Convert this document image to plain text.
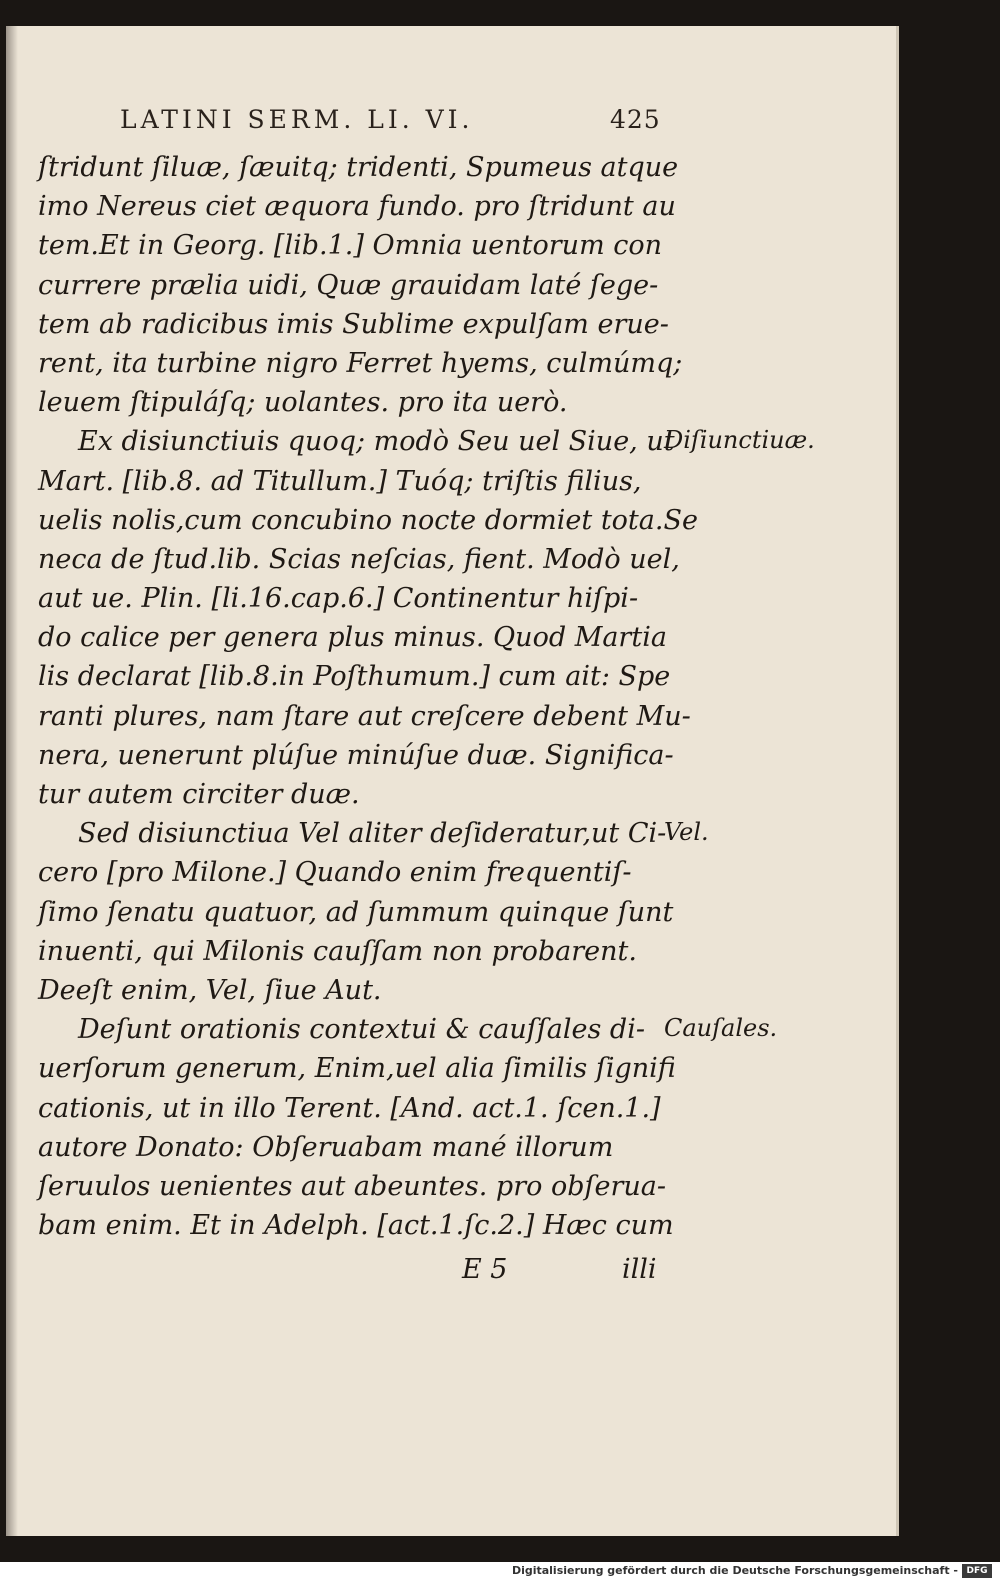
LATINI SERM. LI. VI.	425
ſtridunt ſiluæ, ſæuitq; tridenti, Spumeus atque
imo Nereus ciet æquora fundo. pro ſtridunt au
tem.Et in Georg. [lib.1.] Omnia uentorum con
currere prælia uidi, Quæ grauidam laté ſege-
tem ab radicibus imis Sublime expulſam erue-
rent, ita turbine nigro Ferret hyems, culmúmq;
leuem ſtipuláſq; uolantes. pro ita uerò.
Ex disiunctiuis quoq; modò Seu uel Siue, ut
Mart. [lib.8. ad Titullum.] Tuóq; triſtis filius,
uelis nolis,cum concubino nocte dormiet tota.Se
neca de ſtud.lib. Scias neſcias, fient. Modò uel,
aut ue. Plin. [li.16.cap.6.] Continentur hiſpi-
do calice per genera plus minus. Quod Martia
lis declarat [lib.8.in Poſthumum.] cum ait: Spe
ranti plures, nam ſtare aut creſcere debent Mu-
nera, uenerunt plúſue minúſue duæ. Significa-
tur autem circiter duæ.
Sed disiunctiua Vel aliter deſideratur,ut Ci-
cero [pro Milone.] Quando enim frequentiſ-
ſimo ſenatu quatuor, ad ſummum quinque ſunt
inuenti, qui Milonis cauſſam non probarent.
Deeſt enim, Vel, ſiue Aut.
Deſunt orationis contextui & cauſſales di-
uerſorum generum, Enim,uel alia ſimilis ſignifi
cationis, ut in illo Terent. [And. act.1. ſcen.1.]
autore Donato: Obſeruabam mané illorum
ſeruulos uenientes aut abeuntes. pro obſerua-
bam enim. Et in Adelph. [act.1.ſc.2.] Hæc cum
Diſiunctiuæ.
Vel.
Cauſales.
E 5	illi
Digitalisierung gefördert durch die Deutsche Forschungsgemeinschaft - DFG
